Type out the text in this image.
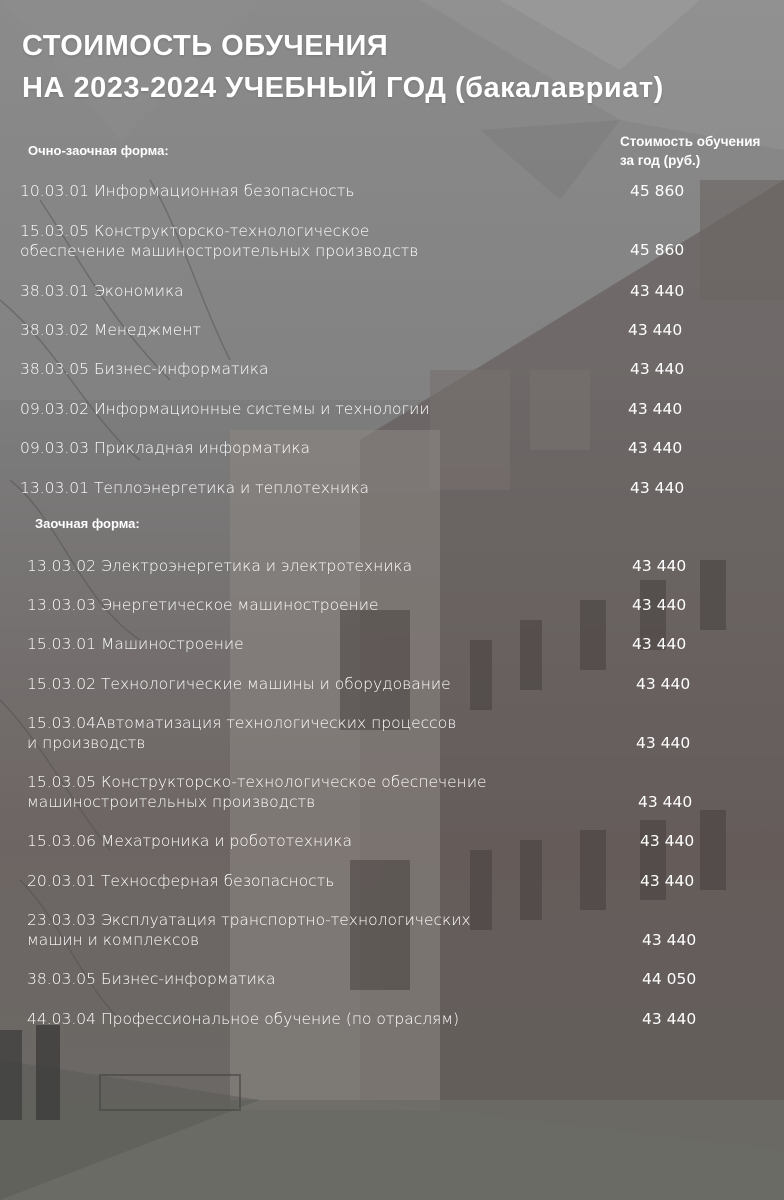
СТОИМОСТЬ ОБУЧЕНИЯ
НА 2023-2024 УЧЕБНЫЙ ГОД (бакалавриат)
Очно-заочная форма:
Стоимость обучения
за год (руб.)
10.03.01 Информационная безопасность	45 860
15.03.05 Конструкторско-технологическое
обеспечение машиностроительных производств	45 860
38.03.01 Экономика	43 440
38.03.02 Менеджмент	43 440
38.03.05 Бизнес-информатика	43 440
09.03.02 Информационные системы и технологии	43 440
09.03.03 Прикладная информатика	43 440
13.03.01 Теплоэнергетика и теплотехника	43 440
Заочная форма:
13.03.02 Электроэнергетика и электротехника	43 440
13.03.03 Энергетическое машиностроение	43 440
15.03.01 Машиностроение	43 440
15.03.02 Технологические машины и оборудование	43 440
15.03.04Автоматизация технологических процессов
и производств	43 440
15.03.05 Конструкторско-технологическое обеспечение
машиностроительных производств	43 440
15.03.06 Мехатроника и робототехника	43 440
20.03.01 Техносферная безопасность	43 440
23.03.03 Эксплуатация транспортно-технологических
машин и комплексов	43 440
38.03.05 Бизнес-информатика	44 050
44.03.04 Профессиональное обучение (по отраслям)	43 440
